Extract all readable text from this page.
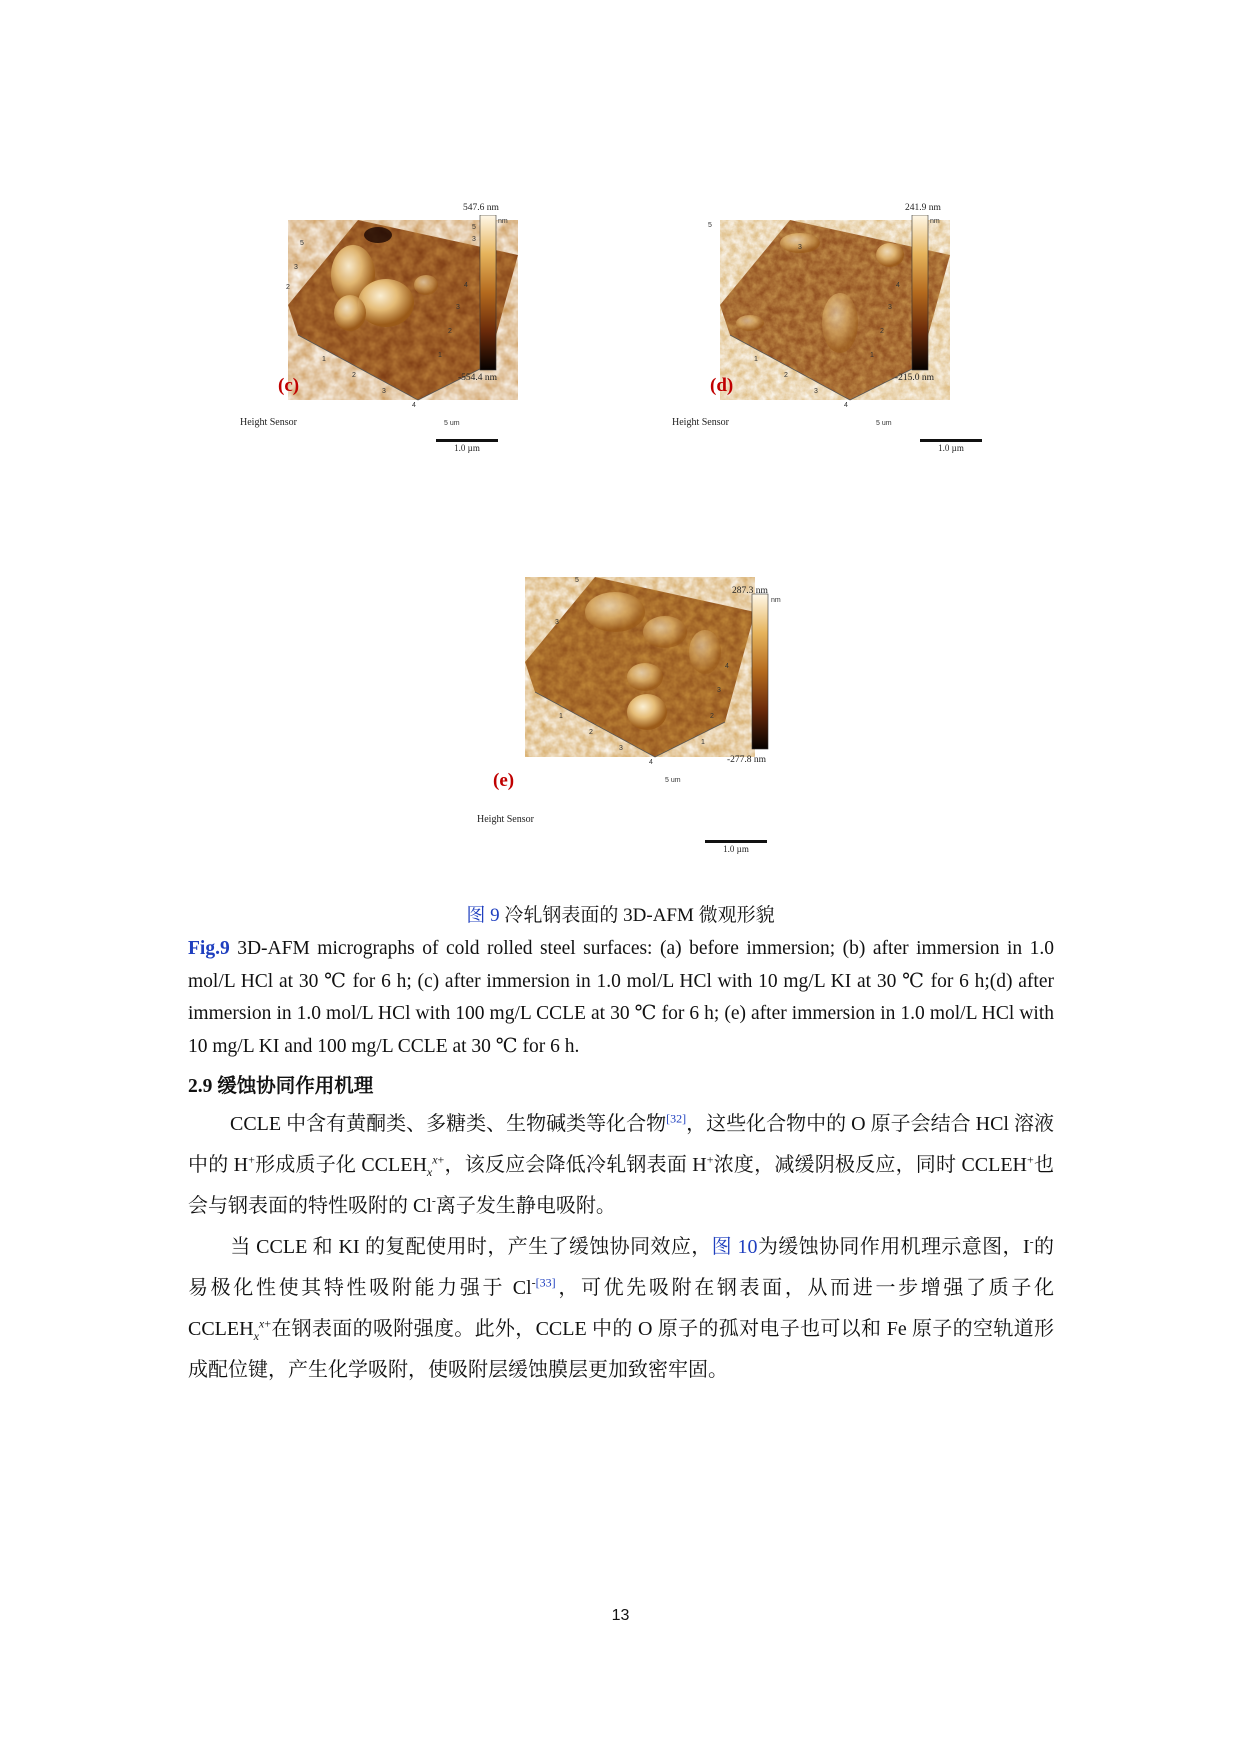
1
2
3
4
5 um
1
2
3
4
5
3
2
5
3
nm
547.6 nm
-554.4 nm
(c)
Height Sensor
1.0 µm
1
2
3
4
5 um
1
2
3
4
5
3
nm
241.9 nm
-215.0 nm
(d)
Height Sensor
1.0 µm
1
2
3
4
5 um
1
2
3
4
5
3
nm
287.3 nm
-277.8 nm
(e)
Height Sensor
1.0 µm
图 9 冷轧钢表面的 3D-AFM 微观形貌
Fig.9 3D-AFM micrographs of cold rolled steel surfaces: (a) before immersion; (b) after immersion in 1.0 mol/L HCl at 30 ℃ for 6 h; (c) after immersion in 1.0 mol/L HCl with 10 mg/L KI at 30 ℃ for 6 h;(d) after immersion in 1.0 mol/L HCl with 100 mg/L CCLE at 30 ℃ for 6 h; (e) after immersion in 1.0 mol/L HCl with 10 mg/L KI and 100 mg/L CCLE at 30 ℃ for 6 h.
2.9 缓蚀协同作用机理
CCLE 中含有黄酮类、多糖类、生物碱类等化合物[32]，这些化合物中的 O 原子会结合 HCl 溶液中的 H+形成质子化 $CCLEH_x^{x+}$，该反应会降低冷轧钢表面 H+浓度，减缓阴极反应，同时 CCLEH+也会与钢表面的特性吸附的 Cl-离子发生静电吸附。
当 CCLE 和 KI 的复配使用时，产生了缓蚀协同效应，图 10为缓蚀协同作用机理示意图，I-的易极化性使其特性吸附能力强于 Cl$^{-[33]}$，可优先吸附在钢表面，从而进一步增强了质子化 $CCLEH_x^{x+}$在钢表面的吸附强度。此外，CCLE 中的 O 原子的孤对电子也可以和 Fe 原子的空轨道形成配位键，产生化学吸附，使吸附层缓蚀膜层更加致密牢固。
13
